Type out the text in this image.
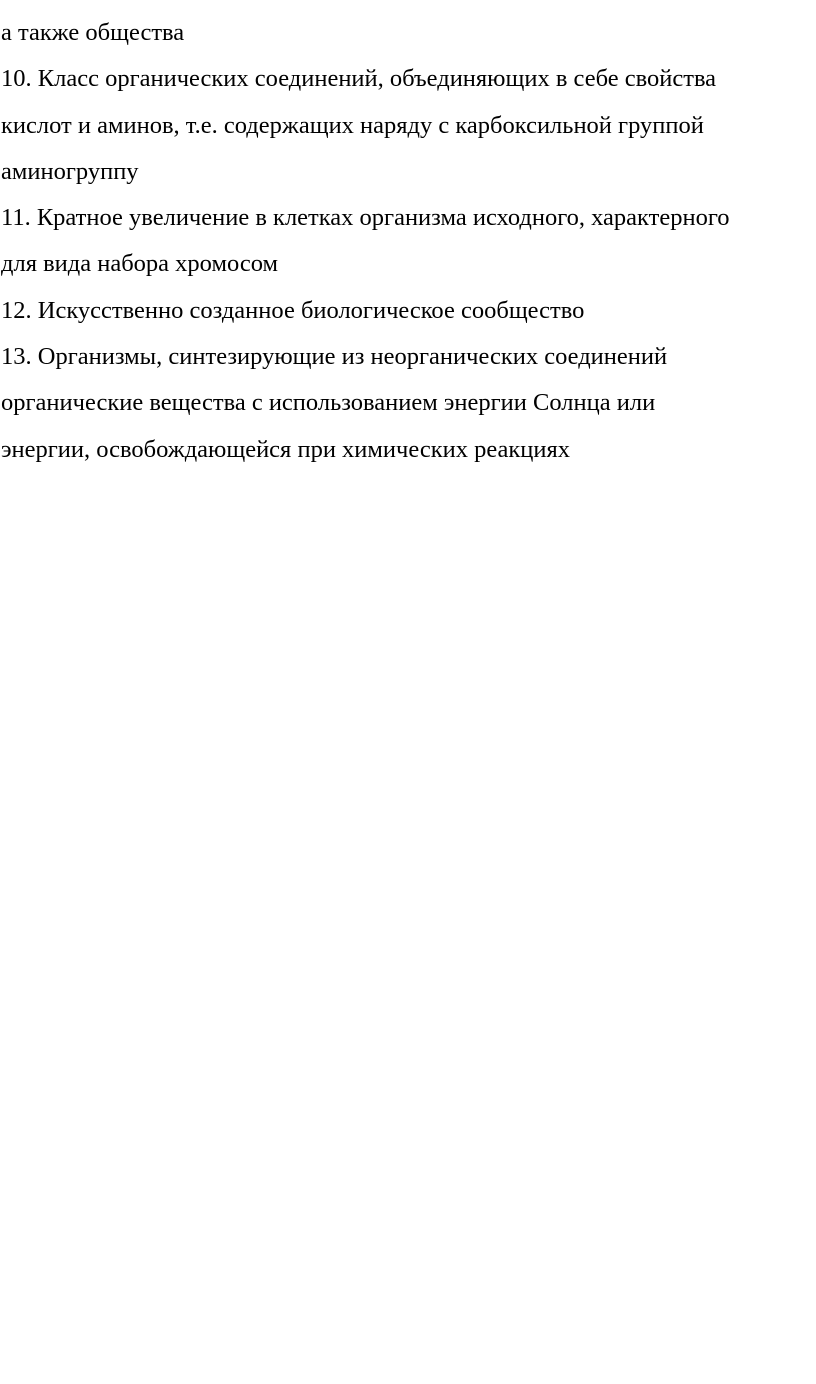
а также общества
10. Класс органических соединений, объединяющих в себе свойства
кислот и аминов, т.е. содержащих наряду с карбоксильной группой
аминогруппу
11. Кратное увеличение в клетках организма исходного, характерного
для вида набора хромосом
12. Искусственно созданное биологическое сообщество
13. Организмы, синтезирующие из неорганических соединений
органические вещества с использованием энергии Солнца или
энергии, освобождающейся при химических реакциях
